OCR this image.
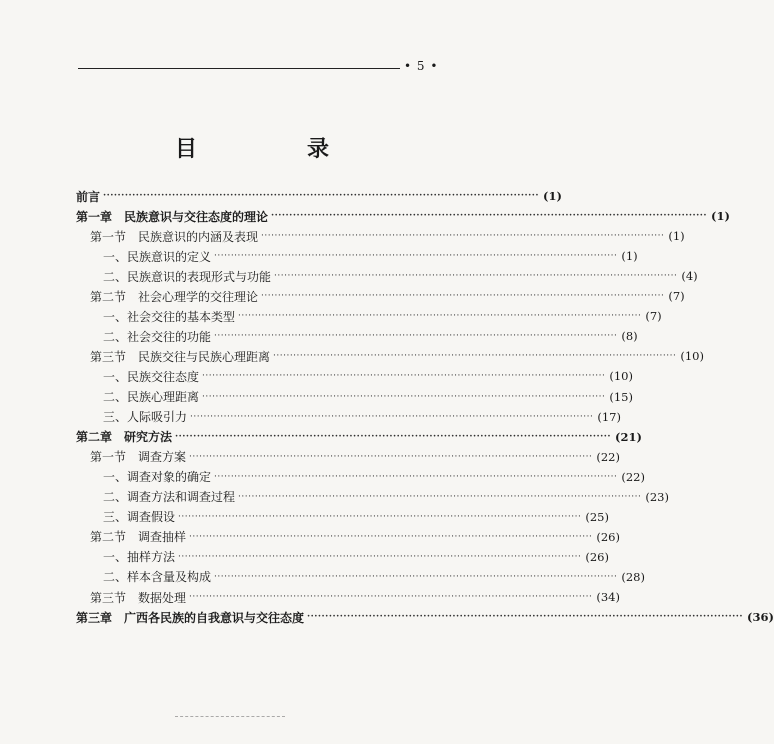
• 5 •
目　录
前言 ························································································································ (1)
第一章　民族意识与交往态度的理论 ························································································································ (1)
第一节　民族意识的内涵及表现 ························································································································ (1)
一、民族意识的定义 ························································································································ (1)
二、民族意识的表现形式与功能 ························································································································ (4)
第二节　社会心理学的交往理论 ························································································································ (7)
一、社会交往的基本类型 ························································································································ (7)
二、社会交往的功能 ························································································································ (8)
第三节　民族交往与民族心理距离 ························································································································ (10)
一、民族交往态度 ························································································································ (10)
二、民族心理距离 ························································································································ (15)
三、人际吸引力 ························································································································ (17)
第二章　研究方法 ························································································································ (21)
第一节　调查方案 ························································································································ (22)
一、调查对象的确定 ························································································································ (22)
二、调查方法和调查过程 ························································································································ (23)
三、调查假设 ························································································································ (25)
第二节　调查抽样 ························································································································ (26)
一、抽样方法 ························································································································ (26)
二、样本含量及构成 ························································································································ (28)
第三节　数据处理 ························································································································ (34)
第三章　广西各民族的自我意识与交往态度 ························································································································ (36)
